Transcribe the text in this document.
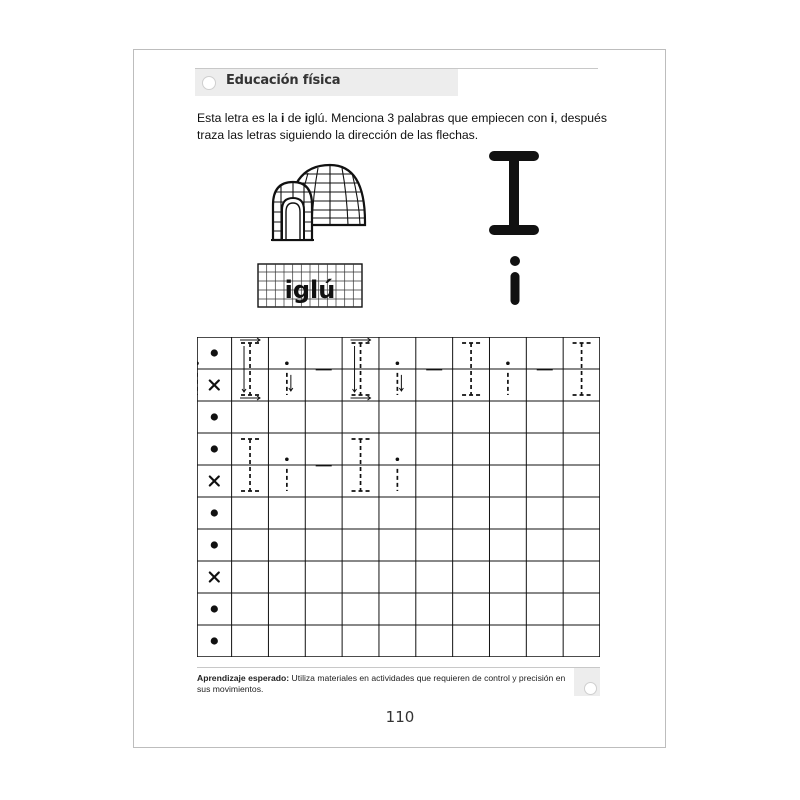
Educación física
Esta letra es la i de iglú. Menciona 3 palabras que empiecen con i, después traza las letras siguiendo la dirección de las flechas.
iglú
Aprendizaje esperado: Utiliza materiales en actividades que requieren de control y precisión en sus movimientos.
110
